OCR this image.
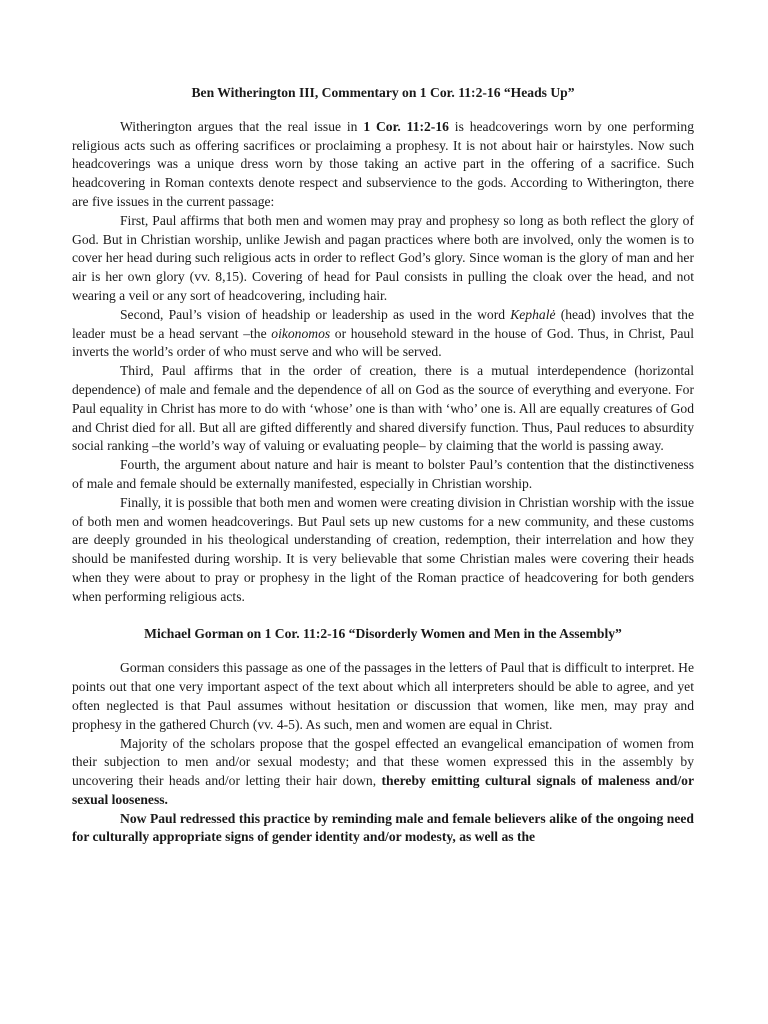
Ben Witherington III, Commentary on 1 Cor. 11:2-16 “Heads Up”

Witherington argues that the real issue in 1 Cor. 11:2-16 is headcoverings worn by one performing religious acts such as offering sacrifices or proclaiming a prophesy. It is not about hair or hairstyles. Now such headcoverings was a unique dress worn by those taking an active part in the offering of a sacrifice. Such headcovering in Roman contexts denote respect and subservience to the gods. According to Witherington, there are five issues in the current passage:

First, Paul affirms that both men and women may pray and prophesy so long as both reflect the glory of God. But in Christian worship, unlike Jewish and pagan practices where both are involved, only the women is to cover her head during such religious acts in order to reflect God’s glory. Since woman is the glory of man and her air is her own glory (vv. 8,15). Covering of head for Paul consists in pulling the cloak over the head, and not wearing a veil or any sort of headcovering, including hair.

Second, Paul’s vision of headship or leadership as used in the word Kephalė (head) involves that the leader must be a head servant –the oikonomos or household steward in the house of God. Thus, in Christ, Paul inverts the world’s order of who must serve and who will be served.

Third, Paul affirms that in the order of creation, there is a mutual interdependence (horizontal dependence) of male and female and the dependence of all on God as the source of everything and everyone. For Paul equality in Christ has more to do with ‘whose’ one is than with ‘who’ one is. All are equally creatures of God and Christ died for all. But all are gifted differently and shared diversify function. Thus, Paul reduces to absurdity social ranking –the world’s way of valuing or evaluating people– by claiming that the world is passing away.

Fourth, the argument about nature and hair is meant to bolster Paul’s contention that the distinctiveness of male and female should be externally manifested, especially in Christian worship.

Finally, it is possible that both men and women were creating division in Christian worship with the issue of both men and women headcoverings. But Paul sets up new customs for a new community, and these customs are deeply grounded in his theological understanding of creation, redemption, their interrelation and how they should be manifested during worship. It is very believable that some Christian males were covering their heads when they were about to pray or prophesy in the light of the Roman practice of headcovering for both genders when performing religious acts.

Michael Gorman on 1 Cor. 11:2-16 “Disorderly Women and Men in the Assembly”

Gorman considers this passage as one of the passages in the letters of Paul that is difficult to interpret. He points out that one very important aspect of the text about which all interpreters should be able to agree, and yet often neglected is that Paul assumes without hesitation or discussion that women, like men, may pray and prophesy in the gathered Church (vv. 4-5). As such, men and women are equal in Christ.

Majority of the scholars propose that the gospel effected an evangelical emancipation of women from their subjection to men and/or sexual modesty; and that these women expressed this in the assembly by uncovering their heads and/or letting their hair down, thereby emitting cultural signals of maleness and/or sexual looseness.

Now Paul redressed this practice by reminding male and female believers alike of the ongoing need for culturally appropriate signs of gender identity and/or modesty, as well as the
